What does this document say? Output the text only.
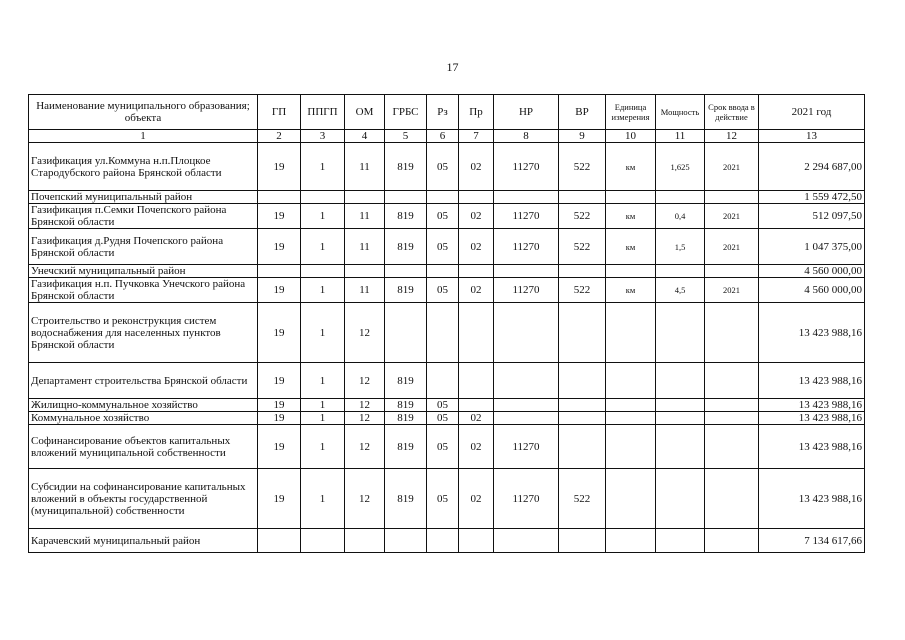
17
Наименование муниципального образования; объекта	ГП	ППГП	ОМ	ГРБС	Рз	Пр	НР	ВР	Единица измерения	Мощность	Срок ввода в действие	2021 год
1	2	3	4	5	6	7	8	9	10	11	12	13
Газификация ул.Коммуна н.п.Плоцкое Стародубского района Брянской области	19	1	11	819	05	02	11270	522	км	1,625	2021	2 294 687,00
Почепский муниципальный район												1 559 472,50
Газификация п.Семки Почепского района Брянской области	19	1	11	819	05	02	11270	522	км	0,4	2021	512 097,50
Газификация д.Рудня Почепского района Брянской области	19	1	11	819	05	02	11270	522	км	1,5	2021	1 047 375,00
Унечский муниципальный район												4 560 000,00
Газификация н.п. Пучковка Унечского района Брянской области	19	1	11	819	05	02	11270	522	км	4,5	2021	4 560 000,00
Строительство и реконструкция систем водоснабжения для населенных пунктов Брянской области	19	1	12									13 423 988,16
Департамент строительства Брянской области	19	1	12	819								13 423 988,16
Жилищно-коммунальное хозяйство	19	1	12	819	05							13 423 988,16
Коммунальное хозяйство	19	1	12	819	05	02						13 423 988,16
Софинансирование объектов капитальных вложений муниципальной собственности	19	1	12	819	05	02	11270					13 423 988,16
Субсидии на софинансирование капитальных вложений в объекты государственной (муниципальной) собственности	19	1	12	819	05	02	11270	522				13 423 988,16
Карачевский муниципальный район												7 134 617,66
